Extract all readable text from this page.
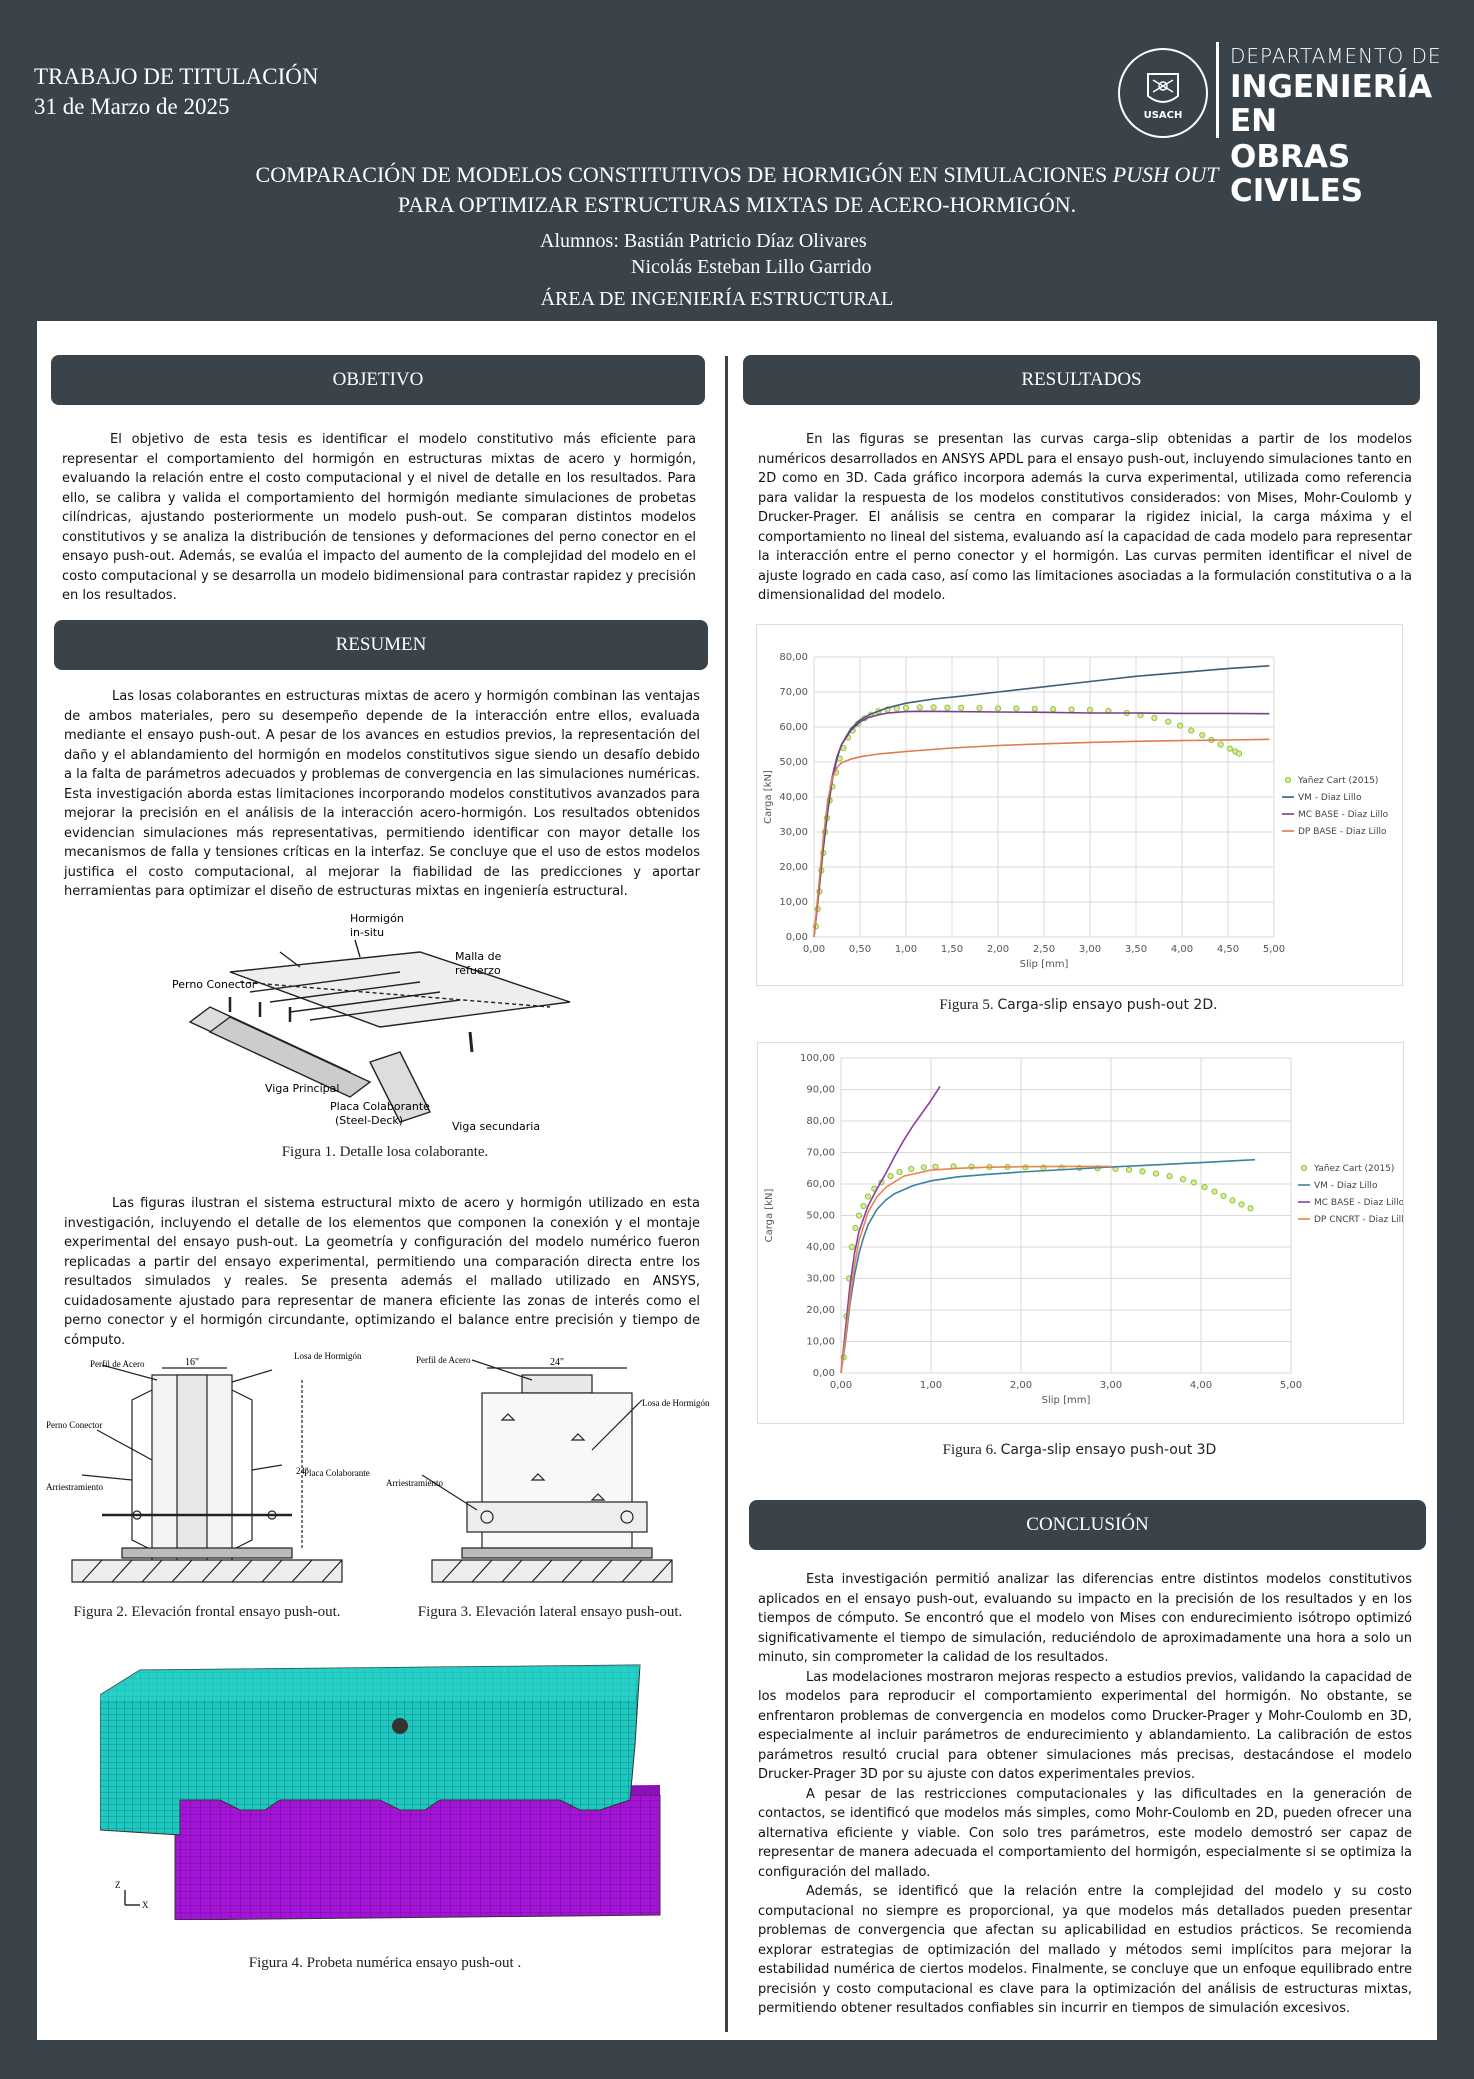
TRABAJO DE TITULACIÓN
31 de Marzo de 2025	USACH
DEPARTAMENTO DE
INGENIERÍA EN
OBRAS CIVILES
COMPARACIÓN DE MODELOS CONSTITUTIVOS DE HORMIGÓN EN SIMULACIONES PUSH OUT
PARA OPTIMIZAR ESTRUCTURAS MIXTAS DE ACERO-HORMIGÓN.
Alumnos: Bastián Patricio Díaz Olivares
Nicolás Esteban Lillo Garrido
ÁREA DE INGENIERÍA ESTRUCTURAL
OBJETIVO

El objetivo de esta tesis es identificar el modelo constitutivo más eficiente para representar el comportamiento del hormigón en estructuras mixtas de acero y hormigón, evaluando la relación entre el costo computacional y el nivel de detalle en los resultados. Para ello, se calibra y valida el comportamiento del hormigón mediante simulaciones de probetas cilíndricas, ajustando posteriormente un modelo push-out. Se comparan distintos modelos constitutivos y se analiza la distribución de tensiones y deformaciones del perno conector en el ensayo push-out. Además, se evalúa el impacto del aumento de la complejidad del modelo en el costo computacional y se desarrolla un modelo bidimensional para contrastar rapidez y precisión en los resultados.

RESUMEN

Las losas colaborantes en estructuras mixtas de acero y hormigón combinan las ventajas de ambos materiales, pero su desempeño depende de la interacción entre ellos, evaluada mediante el ensayo push-out. A pesar de los avances en estudios previos, la representación del daño y el ablandamiento del hormigón en modelos constitutivos sigue siendo un desafío debido a la falta de parámetros adecuados y problemas de convergencia en las simulaciones numéricas. Esta investigación aborda estas limitaciones incorporando modelos constitutivos avanzados para mejorar la precisión en el análisis de la interacción acero-hormigón. Los resultados obtenidos evidencian simulaciones más representativas, permitiendo identificar con mayor detalle los mecanismos de falla y tensiones críticas en la interfaz. Se concluye que el uso de estos modelos justifica el costo computacional, al mejorar la fiabilidad de las predicciones y aportar herramientas para optimizar el diseño de estructuras mixtas en ingeniería estructural.

Hormigón
in-situ
Malla de
refuerzo
Perno Conector
Viga Principal
Placa Colaborante
(Steel-Deck)	Viga secundaria
Figura 1. Detalle losa colaborante.

Las figuras ilustran el sistema estructural mixto de acero y hormigón utilizado en esta investigación, incluyendo el detalle de los elementos que componen la conexión y el montaje experimental del ensayo push-out. La geometría y configuración del modelo numérico fueron replicadas a partir del ensayo experimental, permitiendo una comparación directa entre los resultados simulados y reales. Se presenta además el mallado utilizado en ANSYS, cuidadosamente ajustado para representar de manera eficiente las zonas de interés como el perno conector y el hormigón circundante, optimizando el balance entre precisión y tiempo de cómputo.

16"
Perfil de Acero
Losa de Hormigón
Perno Conector
Placa Colaborante
24"
Arriestramiento
Figura 2. Elevación frontal ensayo push-out.
24"
Perfil de Acero
Losa de Hormigón
Arriestramiento
Figura 3. Elevación lateral ensayo push-out.
Z
X
Figura 4. Probeta numérica ensayo push-out .
RESULTADOS

En las figuras se presentan las curvas carga–slip obtenidas a partir de los modelos numéricos desarrollados en ANSYS APDL para el ensayo push-out, incluyendo simulaciones tanto en 2D como en 3D. Cada gráfico incorpora además la curva experimental, utilizada como referencia para validar la respuesta de los modelos constitutivos considerados: von Mises, Mohr-Coulomb y Drucker-Prager. El análisis se centra en comparar la rigidez inicial, la carga máxima y el comportamiento no lineal del sistema, evaluando así la capacidad de cada modelo para representar la interacción entre el perno conector y el hormigón. Las curvas permiten identificar el nivel de ajuste logrado en cada caso, así como las limitaciones asociadas a la formulación constitutiva o a la dimensionalidad del modelo.

0,00
10,00
20,00
30,00
40,00
50,00
60,00
70,00
80,00
0,00 0,50 1,00 1,50 2,00 2,50 3,00 3,50 4,00 4,50 5,00
Slip [mm]
Carga [kN]	Yañez Cart (2015)
VM - Diaz Lillo
MC BASE - Diaz Lillo
DP BASE - Diaz Lillo
Figura 5. Carga-slip ensayo push-out 2D.
0,00
10,00
20,00
30,00
40,00
50,00
60,00
70,00
80,00
90,00
100,00
0,00	1,00	2,00	3,00	4,00	5,00
Slip [mm]
Carga [kN]
Yañez Cart (2015)
VM - Diaz Lillo
MC BASE - Diaz Lillo
DP CNCRT - Diaz Lillo
Figura 6. Carga-slip ensayo push-out 3D
CONCLUSIÓN

Esta investigación permitió analizar las diferencias entre distintos modelos constitutivos aplicados en el ensayo push-out, evaluando su impacto en la precisión de los resultados y en los tiempos de cómputo. Se encontró que el modelo von Mises con endurecimiento isótropo optimizó significativamente el tiempo de simulación, reduciéndolo de aproximadamente una hora a solo un minuto, sin comprometer la calidad de los resultados.

Las modelaciones mostraron mejoras respecto a estudios previos, validando la capacidad de los modelos para reproducir el comportamiento experimental del hormigón. No obstante, se enfrentaron problemas de convergencia en modelos como Drucker-Prager y Mohr-Coulomb en 3D, especialmente al incluir parámetros de endurecimiento y ablandamiento. La calibración de estos parámetros resultó crucial para obtener simulaciones más precisas, destacándose el modelo Drucker-Prager 3D por su ajuste con datos experimentales previos.

A pesar de las restricciones computacionales y las dificultades en la generación de contactos, se identificó que modelos más simples, como Mohr-Coulomb en 2D, pueden ofrecer una alternativa eficiente y viable. Con solo tres parámetros, este modelo demostró ser capaz de representar de manera adecuada el comportamiento del hormigón, especialmente si se optimiza la configuración del mallado.

Además, se identificó que la relación entre la complejidad del modelo y su costo computacional no siempre es proporcional, ya que modelos más detallados pueden presentar problemas de convergencia que afectan su aplicabilidad en estudios prácticos. Se recomienda explorar estrategias de optimización del mallado y métodos semi implícitos para mejorar la estabilidad numérica de ciertos modelos. Finalmente, se concluye que un enfoque equilibrado entre precisión y costo computacional es clave para la optimización del análisis de estructuras mixtas, permitiendo obtener resultados confiables sin incurrir en tiempos de simulación excesivos.
